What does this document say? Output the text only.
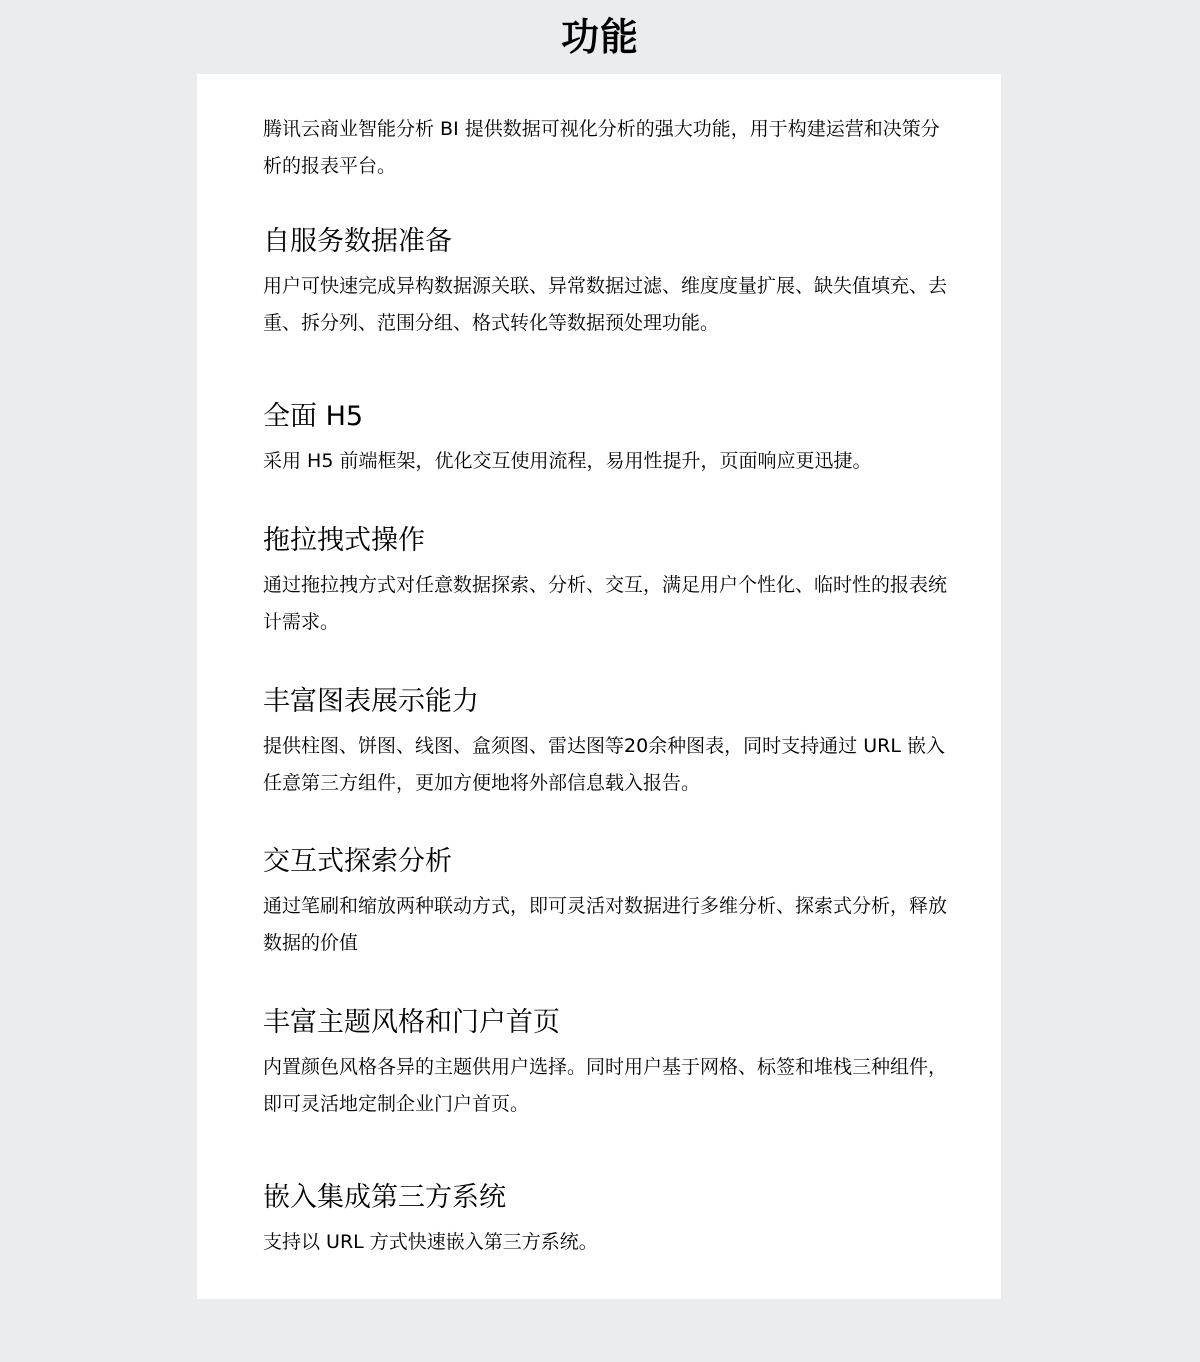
功能

腾讯云商业智能分析 BI 提供数据可视化分析的强大功能，用于构建运营和决策分析的报表平台。

自服务数据准备

用户可快速完成异构数据源关联、异常数据过滤、维度度量扩展、缺失值填充、去重、拆分列、范围分组、格式转化等数据预处理功能。

全面 H5

采用 H5 前端框架，优化交互使用流程，易用性提升，页面响应更迅捷。

拖拉拽式操作

通过拖拉拽方式对任意数据探索、分析、交互，满足用户个性化、临时性的报表统计需求。

丰富图表展示能力

提供柱图、饼图、线图、盒须图、雷达图等20余种图表，同时支持通过 URL 嵌入任意第三方组件，更加方便地将外部信息载入报告。

交互式探索分析

通过笔刷和缩放两种联动方式，即可灵活对数据进行多维分析、探索式分析，释放数据的价值

丰富主题风格和门户首页

内置颜色风格各异的主题供用户选择。同时用户基于网格、标签和堆栈三种组件，即可灵活地定制企业门户首页。

嵌入集成第三方系统

支持以 URL 方式快速嵌入第三方系统。
